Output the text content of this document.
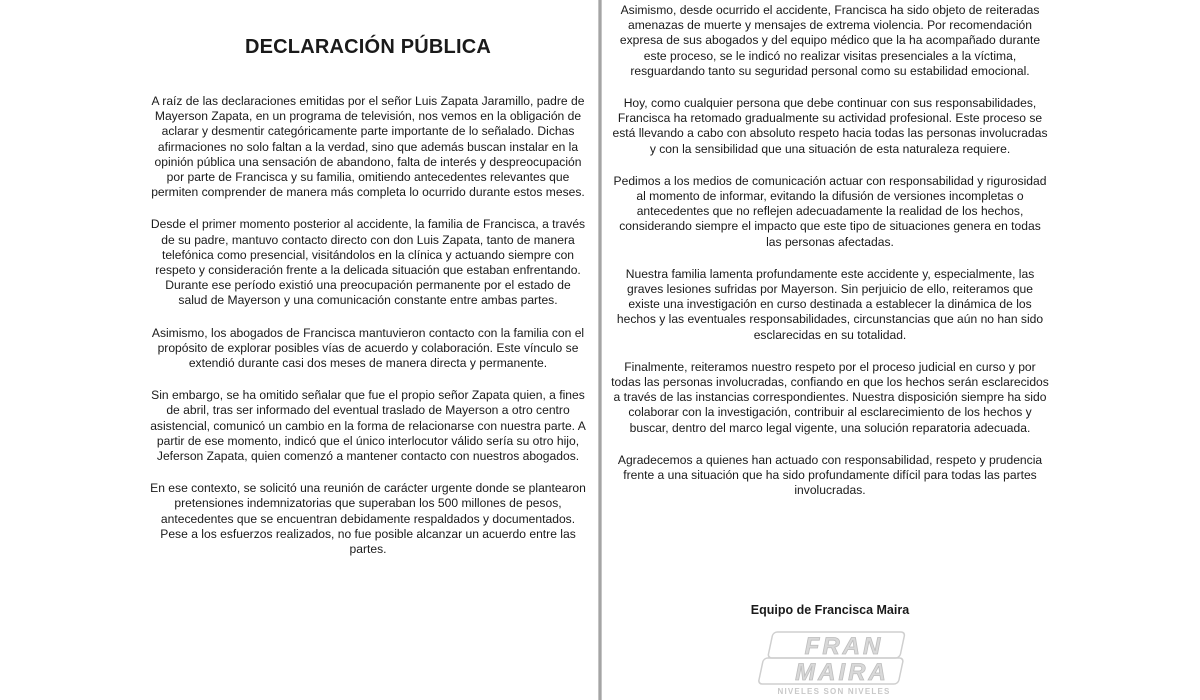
DECLARACIÓN PÚBLICA

A raíz de las declaraciones emitidas por el señor Luis Zapata Jaramillo, padre de Mayerson Zapata, en un programa de televisión, nos vemos en la obligación de aclarar y desmentir categóricamente parte importante de lo señalado. Dichas afirmaciones no solo faltan a la verdad, sino que además buscan instalar en la opinión pública una sensación de abandono, falta de interés y despreocupación por parte de Francisca y su familia, omitiendo antecedentes relevantes que permiten comprender de manera más completa lo ocurrido durante estos meses.

Desde el primer momento posterior al accidente, la familia de Francisca, a través de su padre, mantuvo contacto directo con don Luis Zapata, tanto de manera telefónica como presencial, visitándolos en la clínica y actuando siempre con respeto y consideración frente a la delicada situación que estaban enfrentando. Durante ese período existió una preocupación permanente por el estado de salud de Mayerson y una comunicación constante entre ambas partes.

Asimismo, los abogados de Francisca mantuvieron contacto con la familia con el propósito de explorar posibles vías de acuerdo y colaboración. Este vínculo se extendió durante casi dos meses de manera directa y permanente.

Sin embargo, se ha omitido señalar que fue el propio señor Zapata quien, a fines de abril, tras ser informado del eventual traslado de Mayerson a otro centro asistencial, comunicó un cambio en la forma de relacionarse con nuestra parte. A partir de ese momento, indicó que el único interlocutor válido sería su otro hijo, Jeferson Zapata, quien comenzó a mantener contacto con nuestros abogados.

En ese contexto, se solicitó una reunión de carácter urgente donde se plantearon pretensiones indemnizatorias que superaban los 500 millones de pesos, antecedentes que se encuentran debidamente respaldados y documentados. Pese a los esfuerzos realizados, no fue posible alcanzar un acuerdo entre las partes.

Asimismo, desde ocurrido el accidente, Francisca ha sido objeto de reiteradas amenazas de muerte y mensajes de extrema violencia. Por recomendación expresa de sus abogados y del equipo médico que la ha acompañado durante este proceso, se le indicó no realizar visitas presenciales a la víctima, resguardando tanto su seguridad personal como su estabilidad emocional.

Hoy, como cualquier persona que debe continuar con sus responsabilidades, Francisca ha retomado gradualmente su actividad profesional. Este proceso se está llevando a cabo con absoluto respeto hacia todas las personas involucradas y con la sensibilidad que una situación de esta naturaleza requiere.

Pedimos a los medios de comunicación actuar con responsabilidad y rigurosidad al momento de informar, evitando la difusión de versiones incompletas o antecedentes que no reflejen adecuadamente la realidad de los hechos, considerando siempre el impacto que este tipo de situaciones genera en todas las personas afectadas.

Nuestra familia lamenta profundamente este accidente y, especialmente, las graves lesiones sufridas por Mayerson. Sin perjuicio de ello, reiteramos que existe una investigación en curso destinada a establecer la dinámica de los hechos y las eventuales responsabilidades, circunstancias que aún no han sido esclarecidas en su totalidad.

Finalmente, reiteramos nuestro respeto por el proceso judicial en curso y por todas las personas involucradas, confiando en que los hechos serán esclarecidos a través de las instancias correspondientes. Nuestra disposición siempre ha sido colaborar con la investigación, contribuir al esclarecimiento de los hechos y buscar, dentro del marco legal vigente, una solución reparatoria adecuada.

Agradecemos a quienes han actuado con responsabilidad, respeto y prudencia frente a una situación que ha sido profundamente difícil para todas las partes involucradas.

Equipo de Francisca Maira
FRAN
MAIRA
NIVELES SON NIVELES
